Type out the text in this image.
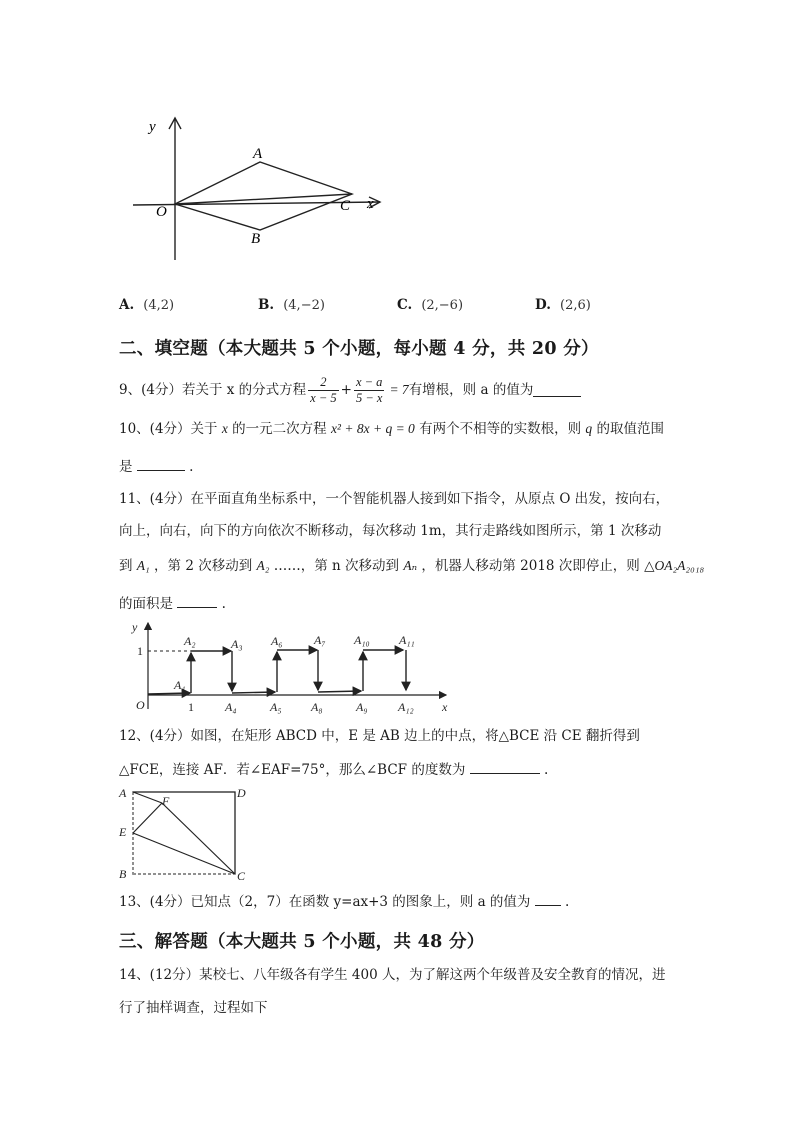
y
A
O	C x
B
A. (4,2)	B. (4,−2)	C. (2,−6)	D. (2,6)
二、填空题（本大题共 5 个小题，每小题 4 分，共 20 分）
9、(4分）若关于 x 的分式方程 $\frac{2}{x - 5} + \frac{x - a}{5 - x} = 7$ 有增根，则 a 的值为
10、(4分）关于 x 的一元二次方程 x² + 8x + q = 0 有两个不相等的实数根，则 q 的取值范围
是	.
11、(4分）在平面直角坐标系中，一个智能机器人接到如下指令，从原点 O 出发，按向右，
向上，向右，向下的方向依次不断移动，每次移动 1m，其行走路线如图所示，第 1 次移动
到 A₁ ，第 2 次移动到 A₂ ……，第 n 次移动到 Aₙ ，机器人移动第 2018 次即停止，则 △OA₂A₂₀₁₈
的面积是	.
y
1
O	x
1
A₁
A₂	A₃
A₄	A₅
A₆	A₇
A₈	A₉
A₁₀ A₁₁
A₁₂
12、(4分）如图，在矩形 ABCD 中，E 是 AB 边上的中点，将△BCE 沿 CE 翻折得到
△FCE，连接 AF．若∠EAF=75°，那么∠BCF 的度数为	.
A	D
F
E
B	C
13、(4分）已知点（2，7）在函数 y=ax+3 的图象上，则 a 的值为	.
三、解答题（本大题共 5 个小题，共 48 分）
14、(12分）某校七、八年级各有学生 400 人，为了解这两个年级普及安全教育的情况，进
行了抽样调查，过程如下
